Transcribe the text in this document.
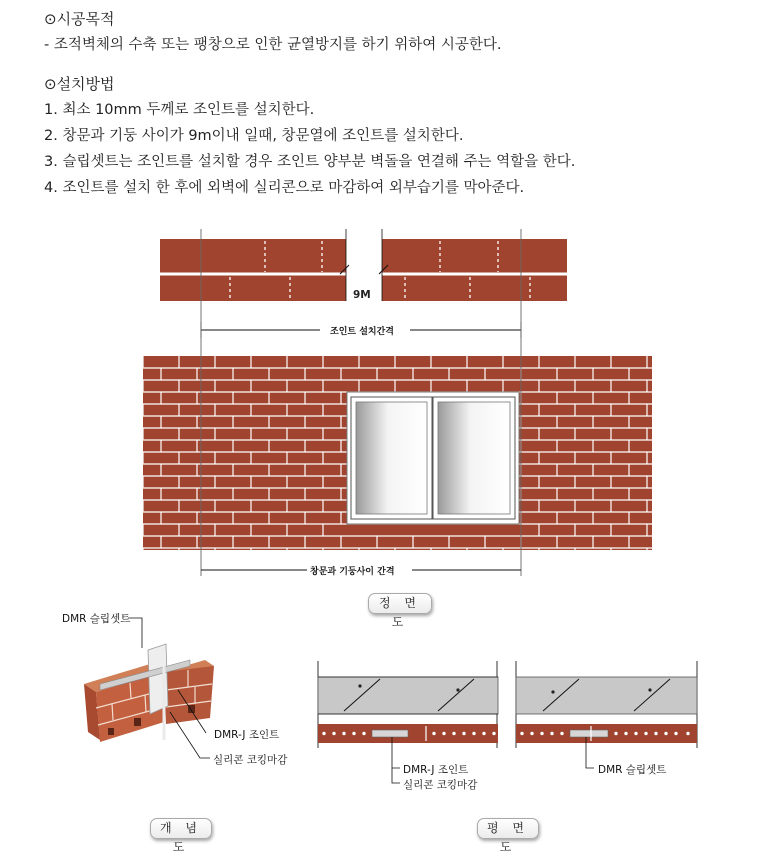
⊙시공목적
- 조적벽체의 수축 또는 팽창으로 인한 균열방지를 하기 위하여 시공한다.
⊙설치방법
1. 최소 10mm 두께로 조인트를 설치한다.
2. 창문과 기둥 사이가 9m이내 일때, 창문열에 조인트를 설치한다.
3. 슬립셋트는 조인트를 설치할 경우 조인트 양부분 벽돌을 연결해 주는 역할을 한다.
4. 조인트를 설치 한 후에 외벽에 실리콘으로 마감하여 외부습기를 막아준다.
9M
조인트 설치간격
창문과 기둥사이 간격
정 면 도
DMR 슬립셋트
DMR-J 조인트
실리콘 코킹마감
DMR-J 조인트
실리콘 코킹마감
DMR 슬립셋트
개 념 도
평 면 도
